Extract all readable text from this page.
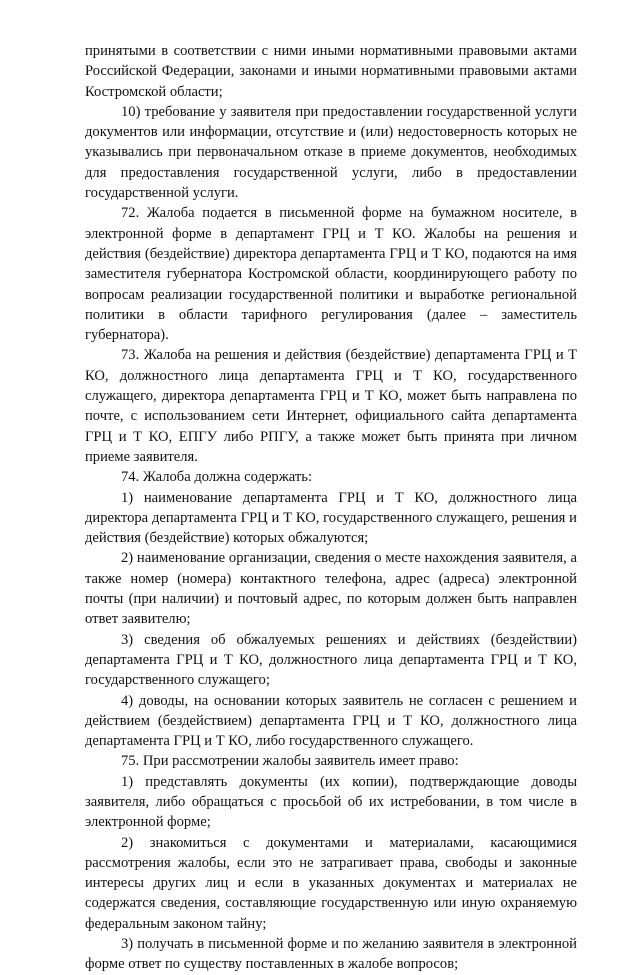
принятыми в соответствии с ними иными нормативными правовыми актами Российской Федерации, законами и иными нормативными правовыми актами Костромской области;

10) требование у заявителя при предоставлении государственной услуги документов или информации, отсутствие и (или) недостоверность которых не указывались при первоначальном отказе в приеме документов, необходимых для предоставления государственной услуги, либо в предоставлении государственной услуги.

72. Жалоба подается в письменной форме на бумажном носителе, в электронной форме в департамент ГРЦ и Т КО. Жалобы на решения и действия (бездействие) директора департамента ГРЦ и Т КО, подаются на имя заместителя губернатора Костромской области, координирующего работу по вопросам реализации государственной политики и выработке региональной политики в области тарифного регулирования (далее – заместитель губернатора).

73. Жалоба на решения и действия (бездействие) департамента ГРЦ и Т КО, должностного лица департамента ГРЦ и Т КО, государственного служащего, директора департамента ГРЦ и Т КО, может быть направлена по почте, с использованием сети Интернет, официального сайта департамента ГРЦ и Т КО, ЕПГУ либо РПГУ, а также может быть принята при личном приеме заявителя.

74. Жалоба должна содержать:

1) наименование департамента ГРЦ и Т КО, должностного лица директора департамента ГРЦ и Т КО, государственного служащего, решения и действия (бездействие) которых обжалуются;

2) наименование организации, сведения о месте нахождения заявителя, а также номер (номера) контактного телефона, адрес (адреса) электронной почты (при наличии) и почтовый адрес, по которым должен быть направлен ответ заявителю;

3) сведения об обжалуемых решениях и действиях (бездействии) департамента ГРЦ и Т КО, должностного лица департамента ГРЦ и Т КО, государственного служащего;

4) доводы, на основании которых заявитель не согласен с решением и действием (бездействием) департамента ГРЦ и Т КО, должностного лица департамента ГРЦ и Т КО, либо государственного служащего.

75. При рассмотрении жалобы заявитель имеет право:

1) представлять документы (их копии), подтверждающие доводы заявителя, либо обращаться с просьбой об их истребовании, в том числе в электронной форме;

2) знакомиться с документами и материалами, касающимися рассмотрения жалобы, если это не затрагивает права, свободы и законные интересы других лиц и если в указанных документах и материалах не содержатся сведения, составляющие государственную или иную охраняемую федеральным законом тайну;

3) получать в письменной форме и по желанию заявителя в электронной форме ответ по существу поставленных в жалобе вопросов;
